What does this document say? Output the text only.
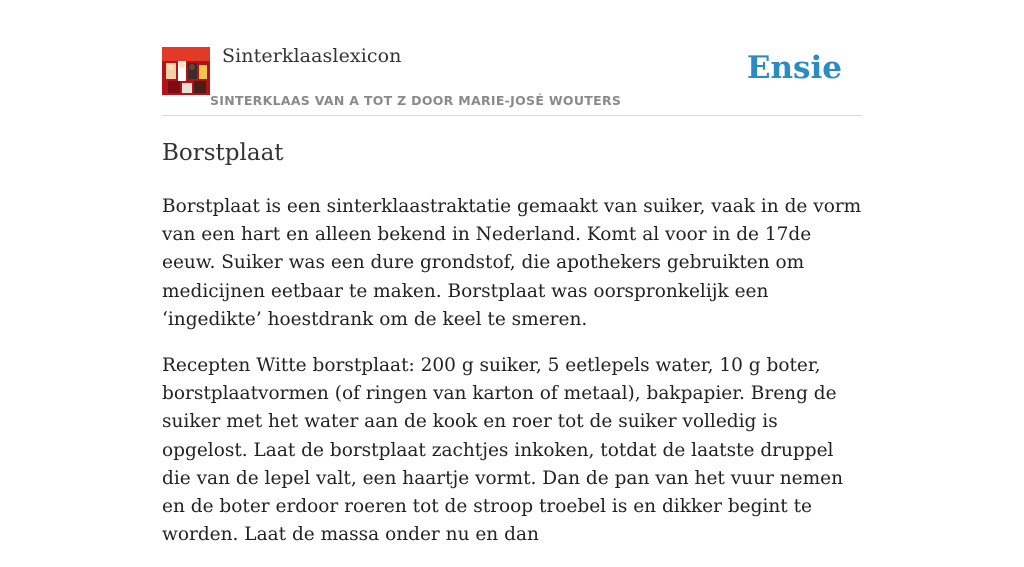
Sinterklaaslexicon
SINTERKLAAS VAN A TOT Z DOOR MARIE-JOSÉ WOUTERS
Ensie
Borstplaat

Borstplaat is een sinterklaastraktatie gemaakt van suiker, vaak in de vorm van een hart en alleen bekend in Nederland. Komt al voor in de 17de eeuw. Suiker was een dure grondstof, die apothekers gebruikten om medicijnen eetbaar te maken. Borstplaat was oorspronkelijk een ‘ingedikte’ hoestdrank om de keel te smeren.

Recepten Witte borstplaat: 200 g suiker, 5 eetlepels water, 10 g boter, borstplaatvormen (of ringen van karton of metaal), bakpapier. Breng de suiker met het water aan de kook en roer tot de suiker volledig is opgelost. Laat de borstplaat zachtjes inkoken, totdat de laatste druppel die van de lepel valt, een haartje vormt. Dan de pan van het vuur nemen en de boter erdoor roeren tot de stroop troebel is en dikker begint te worden. Laat de massa onder nu en dan
